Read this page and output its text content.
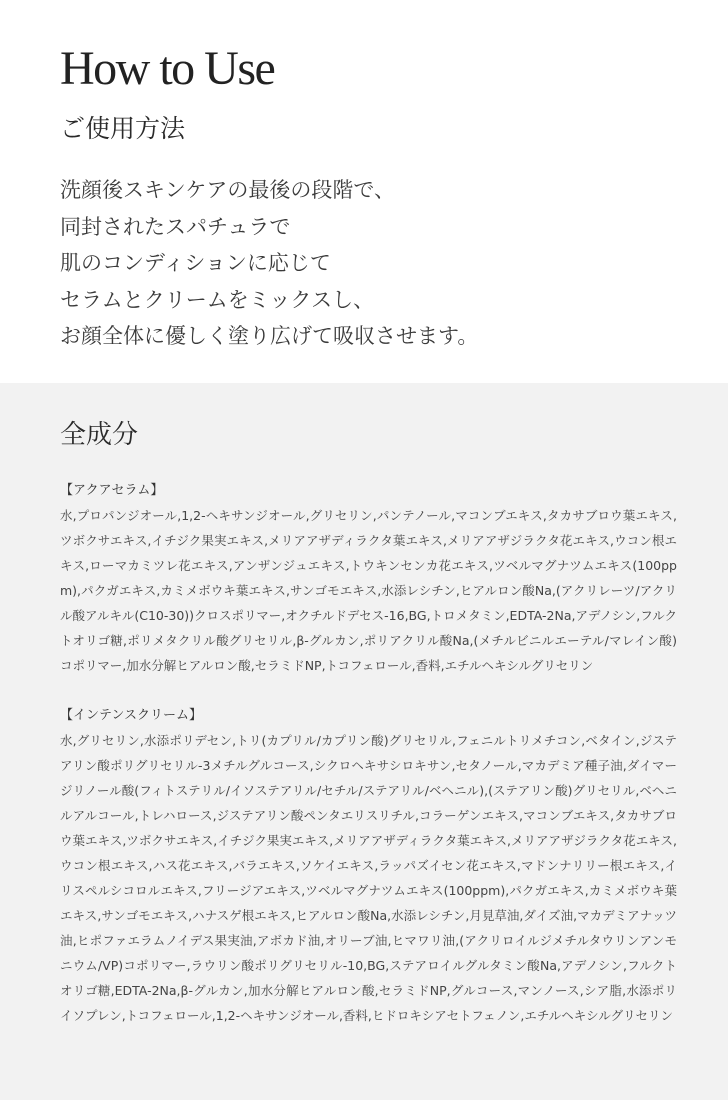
How to Use
ご使用方法
洗顔後スキンケアの最後の段階で、
同封されたスパチュラで
肌のコンディションに応じて
セラムとクリームをミックスし、
お顔全体に優しく塗り広げて吸収させます。
全成分
【アクアセラム】
水,プロパンジオール,1,2-ヘキサンジオール,グリセリン,パンテノール,マコンブエキス,タカサブロウ葉エキス,ツボクサエキス,イチジク果実エキス,メリアアザディラクタ葉エキス,メリアアザジラクタ花エキス,ウコン根エキス,ローマカミツレ花エキス,アンザンジュエキス,トウキンセンカ花エキス,ツベルマグナツムエキス(100ppm),パクガエキス,カミメボウキ葉エキス,サンゴモエキス,水添レシチン,ヒアルロン酸Na,(アクリレーツ/アクリル酸アルキル(C10-30))クロスポリマー,オクチルドデセス-16,BG,トロメタミン,EDTA-2Na,アデノシン,フルクトオリゴ糖,ポリメタクリル酸グリセリル,β-グルカン,ポリアクリル酸Na,(メチルビニルエーテル/マレイン酸)コポリマー,加水分解ヒアルロン酸,セラミドNP,トコフェロール,香料,エチルヘキシルグリセリン
【インテンスクリーム】
水,グリセリン,水添ポリデセン,トリ(カプリル/カプリン酸)グリセリル,フェニルトリメチコン,ベタイン,ジステアリン酸ポリグリセリル-3メチルグルコース,シクロヘキサシロキサン,セタノール,マカデミア種子油,ダイマージリノール酸(フィトステリル/イソステアリル/セチル/ステアリル/ベヘニル),(ステアリン酸)グリセリル,ベヘニルアルコール,トレハロース,ジステアリン酸ペンタエリスリチル,コラーゲンエキス,マコンブエキス,タカサブロウ葉エキス,ツボクサエキス,イチジク果実エキス,メリアアザディラクタ葉エキス,メリアアザジラクタ花エキス,ウコン根エキス,ハス花エキス,バラエキス,ソケイエキス,ラッパズイセン花エキス,マドンナリリー根エキス,イリスペルシコロルエキス,フリージアエキス,ツベルマグナツムエキス(100ppm),パクガエキス,カミメボウキ葉エキス,サンゴモエキス,ハナスゲ根エキス,ヒアルロン酸Na,水添レシチン,月見草油,ダイズ油,マカデミアナッツ油,ヒポファエラムノイデス果実油,アボカド油,オリーブ油,ヒマワリ油,(アクリロイルジメチルタウリンアンモニウム/VP)コポリマー,ラウリン酸ポリグリセリル-10,BG,ステアロイルグルタミン酸Na,アデノシン,フルクトオリゴ糖,EDTA-2Na,β-グルカン,加水分解ヒアルロン酸,セラミドNP,グルコース,マンノース,シア脂,水添ポリイソプレン,トコフェロール,1,2-ヘキサンジオール,香料,ヒドロキシアセトフェノン,エチルヘキシルグリセリン
